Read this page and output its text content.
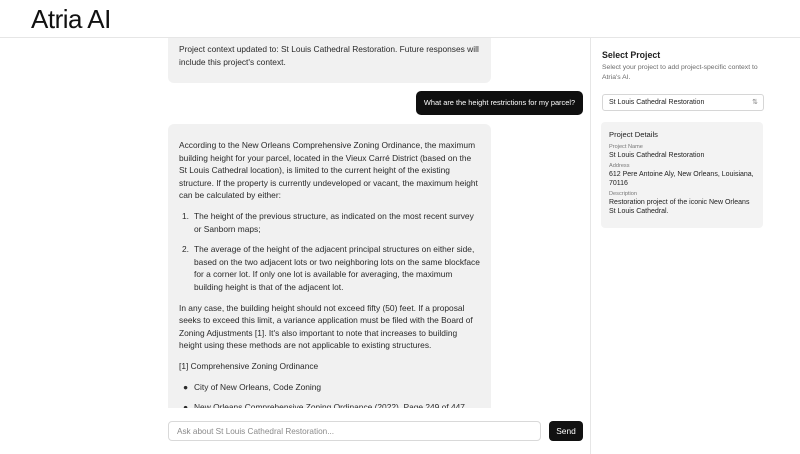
Atria AI
Project context updated to: St Louis Cathedral Restoration. Future responses will include this project's context.
What are the height restrictions for my parcel?

According to the New Orleans Comprehensive Zoning Ordinance, the maximum building height for your parcel, located in the Vieux Carré District (based on the St Louis Cathedral location), is limited to the current height of the existing structure. If the property is currently undeveloped or vacant, the maximum height can be calculated by either:

1. The height of the previous structure, as indicated on the most recent survey or Sanborn maps;
2. The average of the height of the adjacent principal structures on either side, based on the two adjacent lots or two neighboring lots on the same blockface for a corner lot. If only one lot is available for averaging, the maximum building height is that of the adjacent lot.

In any case, the building height should not exceed fifty (50) feet. If a proposal seeks to exceed this limit, a variance application must be filed with the Board of Zoning Adjustments [1]. It's also important to note that increases to building height using these methods are not applicable to existing structures.

[1] Comprehensive Zoning Ordinance

● City of New Orleans, Code Zoning
Ask about St Louis Cathedral Restoration...
Send
Select Project
Select your project to add project-specific context to Atria's AI.
St Louis Cathedral Restoration	⇅
Project Details
Project Name
St Louis Cathedral Restoration
Address
612 Pere Antoine Aly, New Orleans, Louisiana, 70116
Description
Restoration project of the iconic New Orleans St Louis Cathedral.
